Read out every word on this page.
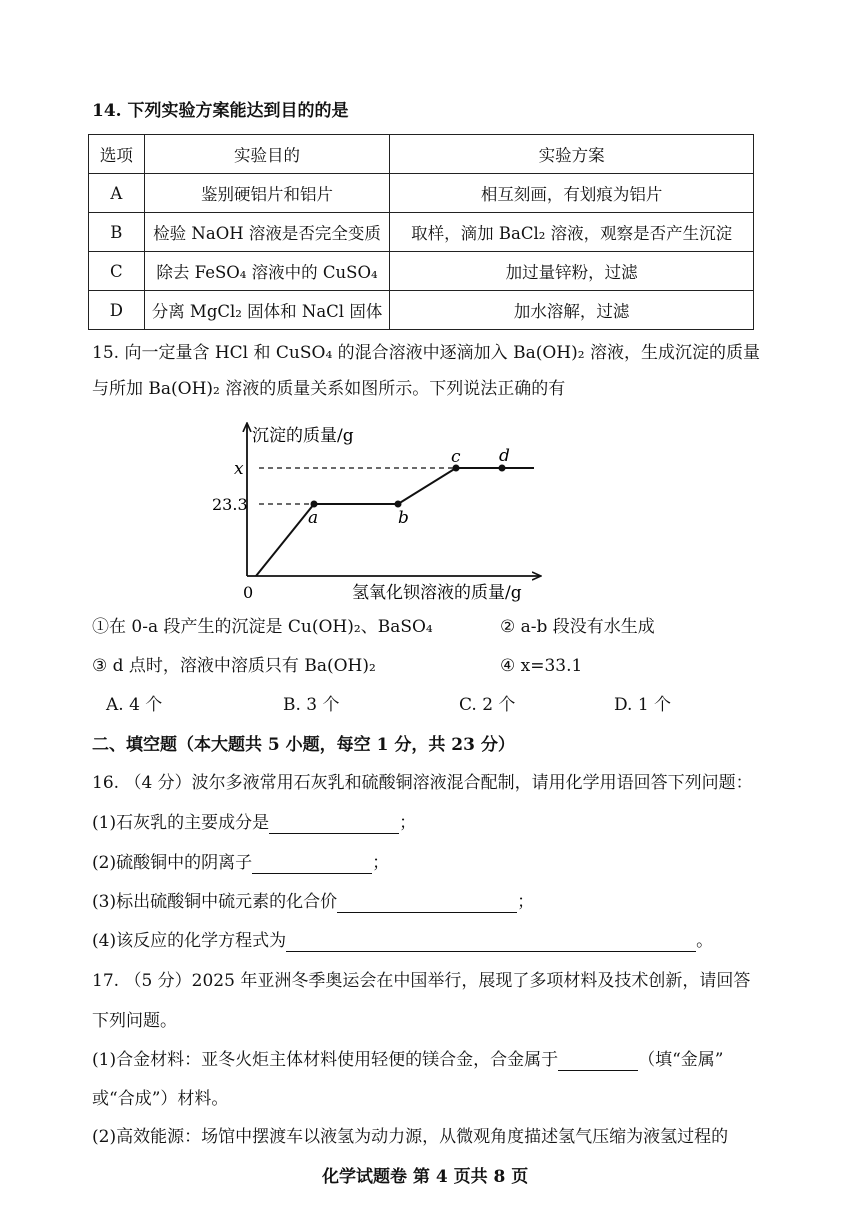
14. 下列实验方案能达到目的的是
选项	实验目的	实验方案
A	鉴别硬铝片和铝片	相互刻画，有划痕为铝片
B	检验 NaOH 溶液是否完全变质	取样，滴加 BaCl₂ 溶液，观察是否产生沉淀
C	除去 FeSO₄ 溶液中的 CuSO₄	加过量锌粉，过滤
D	分离 MgCl₂ 固体和 NaCl 固体	加水溶解，过滤
15. 向一定量含 HCl 和 CuSO₄ 的混合溶液中逐滴加入 Ba(OH)₂ 溶液，生成沉淀的质量
与所加 Ba(OH)₂ 溶液的质量关系如图所示。下列说法正确的有
沉淀的质量/g
氢氧化钡溶液的质量/g
x
23.3
0
a	b
c d
①在 0-a 段产生的沉淀是 Cu(OH)₂、BaSO₄	② a-b 段没有水生成
③ d 点时，溶液中溶质只有 Ba(OH)₂	④ x=33.1
A. 4 个	B. 3 个	C. 2 个	D. 1 个
二、填空题（本大题共 5 小题，每空 1 分，共 23 分）
16. （4 分）波尔多液常用石灰乳和硫酸铜溶液混合配制，请用化学用语回答下列问题：
(1)石灰乳的主要成分是	；
(2)硫酸铜中的阴离子	；
(3)标出硫酸铜中硫元素的化合价	；
(4)该反应的化学方程式为	。
17. （5 分）2025 年亚洲冬季奥运会在中国举行，展现了多项材料及技术创新，请回答
下列问题。
(1)合金材料：亚冬火炬主体材料使用轻便的镁合金，合金属于	（填“金属”
或“合成”）材料。
(2)高效能源：场馆中摆渡车以液氢为动力源，从微观角度描述氢气压缩为液氢过程的
化学试题卷 第 4 页共 8 页
